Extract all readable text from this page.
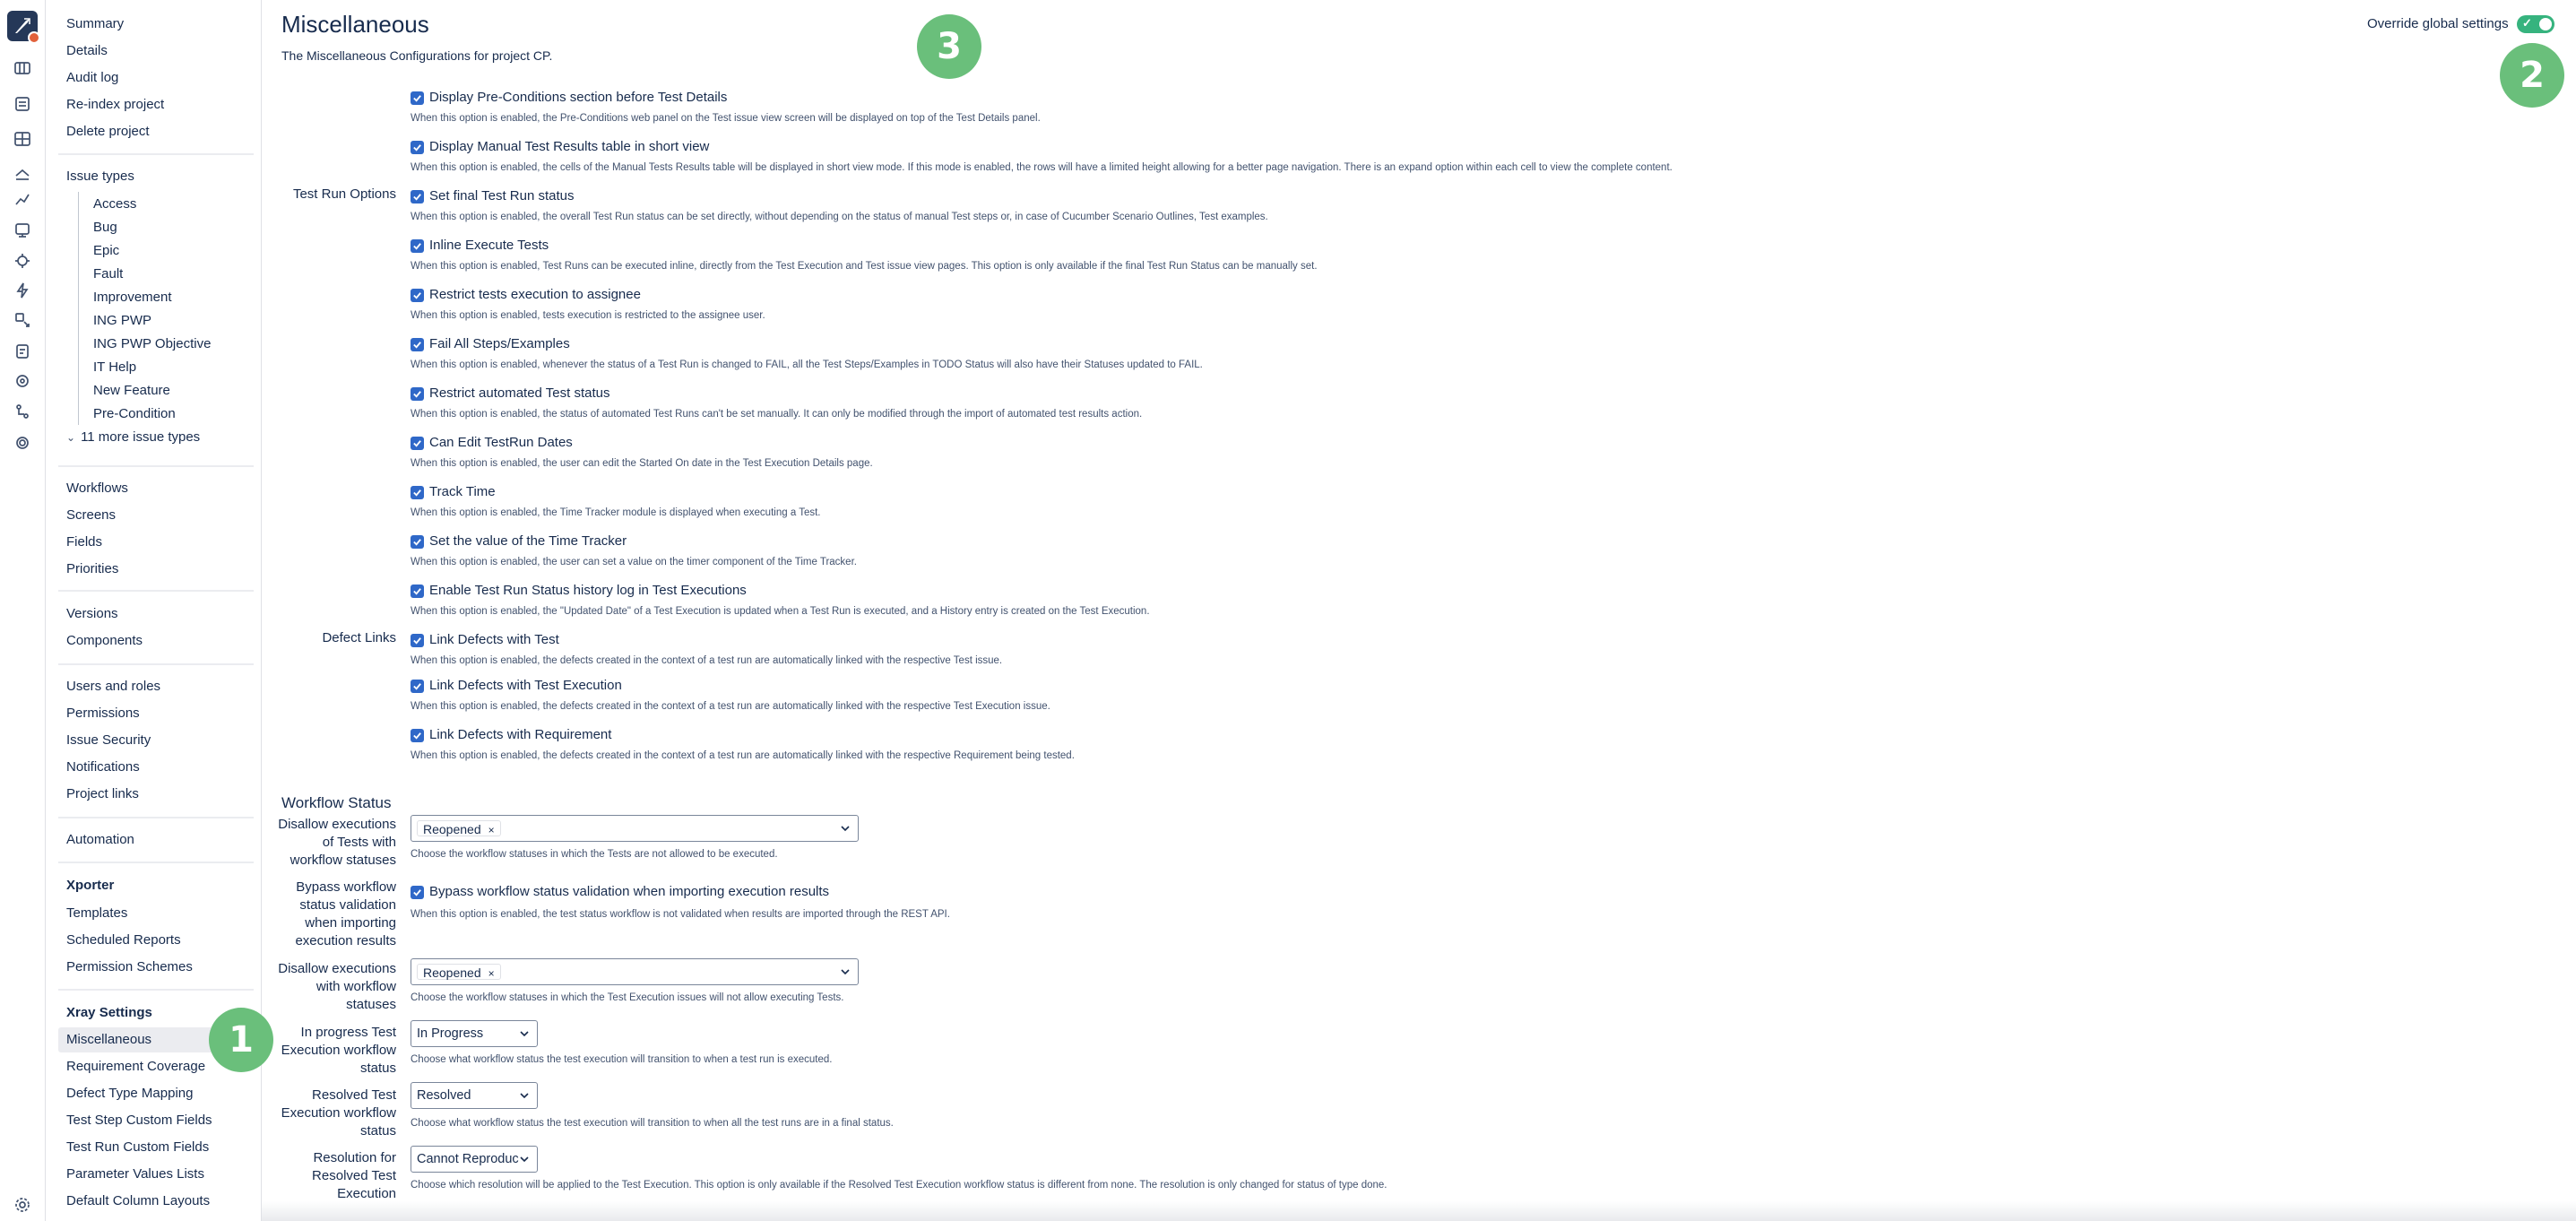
Summary
Details
Audit log
Re-index project
Delete project
Issue types
Access
Bug
Epic
Fault
Improvement
ING PWP
ING PWP Objective
IT Help
New Feature
Pre-Condition
⌄ 11 more issue types
Workflows
Screens
Fields
Priorities
Versions
Components
Users and roles
Permissions
Issue Security
Notifications
Project links
Automation
Xporter
Templates
Scheduled Reports
Permission Schemes
Xray Settings
Miscellaneous
Requirement Coverage
Defect Type Mapping
Test Step Custom Fields
Test Run Custom Fields
Parameter Values Lists
Default Column Layouts
Miscellaneous
The Miscellaneous Configurations for project CP.
Override global settings ✓
1
2
3
Test Run Options
Defect Links
Display Pre-Conditions section before Test Details
When this option is enabled, the Pre-Conditions web panel on the Test issue view screen will be displayed on top of the Test Details panel.
Display Manual Test Results table in short view
When this option is enabled, the cells of the Manual Tests Results table will be displayed in short view mode. If this mode is enabled, the rows will have a limited height allowing for a better page navigation. There is an expand option within each cell to view the complete content.
Set final Test Run status
When this option is enabled, the overall Test Run status can be set directly, without depending on the status of manual Test steps or, in case of Cucumber Scenario Outlines, Test examples.
Inline Execute Tests
When this option is enabled, Test Runs can be executed inline, directly from the Test Execution and Test issue view pages. This option is only available if the final Test Run Status can be manually set.
Restrict tests execution to assignee
When this option is enabled, tests execution is restricted to the assignee user.
Fail All Steps/Examples
When this option is enabled, whenever the status of a Test Run is changed to FAIL, all the Test Steps/Examples in TODO Status will also have their Statuses updated to FAIL.
Restrict automated Test status
When this option is enabled, the status of automated Test Runs can't be set manually. It can only be modified through the import of automated test results action.
Can Edit TestRun Dates
When this option is enabled, the user can edit the Started On date in the Test Execution Details page.
Track Time
When this option is enabled, the Time Tracker module is displayed when executing a Test.
Set the value of the Time Tracker
When this option is enabled, the user can set a value on the timer component of the Time Tracker.
Enable Test Run Status history log in Test Executions
When this option is enabled, the "Updated Date" of a Test Execution is updated when a Test Run is executed, and a History entry is created on the Test Execution.
Link Defects with Test
When this option is enabled, the defects created in the context of a test run are automatically linked with the respective Test issue.
Link Defects with Test Execution
When this option is enabled, the defects created in the context of a test run are automatically linked with the respective Test Execution issue.
Link Defects with Requirement
When this option is enabled, the defects created in the context of a test run are automatically linked with the respective Requirement being tested.
Workflow Status
Disallow executions
of Tests with
workflow statuses
Reopened ×
Choose the workflow statuses in which the Tests are not allowed to be executed.
Bypass workflow
status validation
when importing
execution results
Bypass workflow status validation when importing execution results
When this option is enabled, the test status workflow is not validated when results are imported through the REST API.
Disallow executions
with workflow
statuses
Reopened ×
Choose the workflow statuses in which the Test Execution issues will not allow executing Tests.
In progress Test
Execution workflow
status
In Progress
Choose what workflow status the test execution will transition to when a test run is executed.
Resolved Test
Execution workflow
status
Resolved
Choose what workflow status the test execution will transition to when all the test runs are in a final status.
Resolution for
Resolved Test
Execution
Cannot Reproduce
Choose which resolution will be applied to the Test Execution. This option is only available if the Resolved Test Execution workflow status is different from none. The resolution is only changed for status of type done.
